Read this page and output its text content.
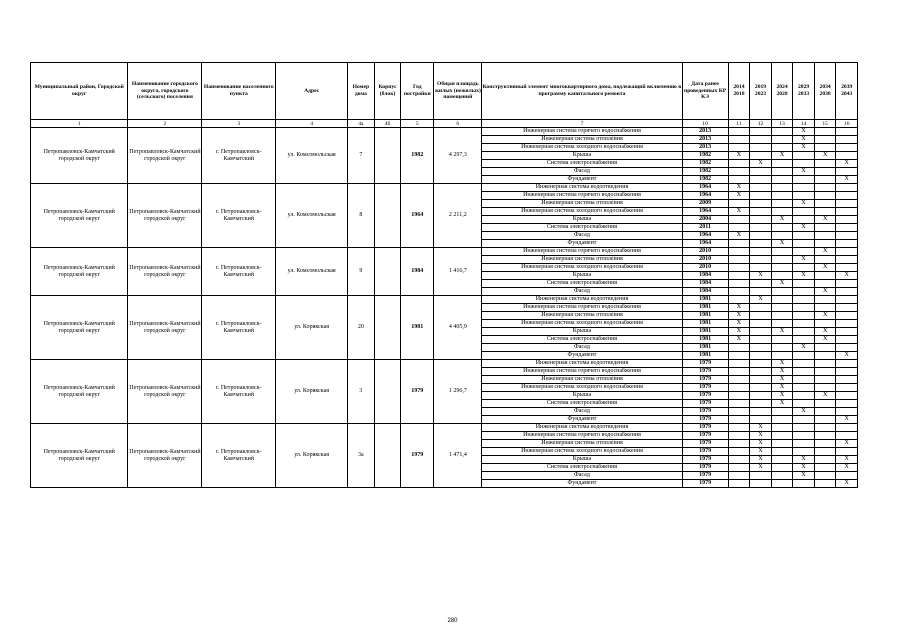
Муниципальный район, Городской округ	Наименование городского округа, городского (сельского) поселения	Наименование населенного пункта	Адрес	Номер дома	Корпус (блок)	Год постройки	Общая площадь жилых (нежилых) помещений	Конструктивный элемент многоквартирного дома, подлежащий включению в программу капитального ремонта	Дата ранее проведенных КР КЭ	2014 2018	2019 2023	2024 2028	2029 2033	2034 2038	2039 2043
1	2	3	4	4а	4б	5	6	7	10	11	12	13	14	15	16
Петропавловск-Камчатский городской округ	Петропавловск-Камчатский городской округ	г. Петропавловск-Камчатский	ул. Комсомольская	7		1982	4 297,3	Инженерная система горячего водоснабжения	2013				X		
								Инженерная система отопления	2013				X		
								Инженерная система холодного водоснабжения	2013				X		
								Крыша	1982	X		X		X	
								Система электроснабжения	1982		X				X
								Фасад	1982				X		
								Фундамент	1982						X
Петропавловск-Камчатский городской округ	Петропавловск-Камчатский городской округ	г. Петропавловск-Камчатский	ул. Комсомольская	8		1964	2 211,2	Инженерная система водоотведения	1964	X					
								Инженерная система горячего водоснабжения	1964	X					
								Инженерная система отопления	2009				X		
								Инженерная система холодного водоснабжения	1964	X					
								Крыша	2004			X		X	
								Система электроснабжения	2011				X		
								Фасад	1964	X					
								Фундамент	1964			X			
Петропавловск-Камчатский городской округ	Петропавловск-Камчатский городской округ	г. Петропавловск-Камчатский	ул. Комсомольская	9		1984	1 416,7	Инженерная система горячего водоснабжения	2010					X	
								Инженерная система отопления	2010				X		
								Инженерная система холодного водоснабжения	2010					X	
								Крыша	1984		X		X		X
								Система электроснабжения	1984			X			
								Фасад	1984					X	
Петропавловск-Камчатский городской округ	Петропавловск-Камчатский городской округ	г. Петропавловск-Камчатский	ул. Корякская	20		1981	4 405,9	Инженерная система водоотведения	1981		X				
								Инженерная система горячего водоснабжения	1981	X					
								Инженерная система отопления	1981	X				X	
								Инженерная система холодного водоснабжения	1981	X					
								Крыша	1981	X		X		X	
								Система электроснабжения	1981	X				X	
								Фасад	1981				X		
								Фундамент	1981						X
Петропавловск-Камчатский городской округ	Петропавловск-Камчатский городской округ	г. Петропавловск-Камчатский	ул. Корякская	3		1979	1 296,7	Инженерная система водоотведения	1979			X			
								Инженерная система горячего водоснабжения	1979			X			
								Инженерная система отопления	1979			X			
								Инженерная система холодного водоснабжения	1979			X			
								Крыша	1979			X		X	
								Система электроснабжения	1979			X			
								Фасад	1979				X		
								Фундамент	1979						X
Петропавловск-Камчатский городской округ	Петропавловск-Камчатский городской округ	г. Петропавловск-Камчатский	ул. Корякская	3а		1979	1 471,4	Инженерная система водоотведения	1979		X				
								Инженерная система горячего водоснабжения	1979		X				
								Инженерная система отопления	1979		X				X
								Инженерная система холодного водоснабжения	1979		X				
								Крыша	1979		X		X		X
								Система электроснабжения	1979		X		X		X
								Фасад	1979				X		
								Фундамент	1979						X
280
